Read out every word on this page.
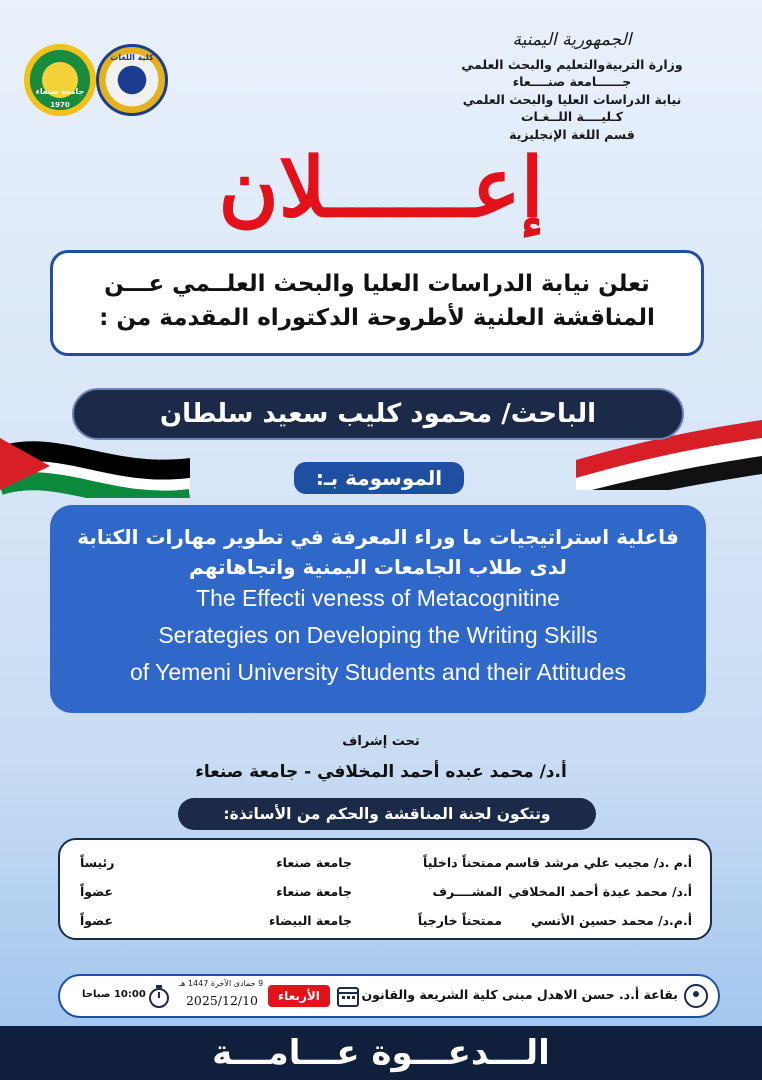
جامعة صنعاء
1970
كلية اللغات
الجمهورية اليمنية
وزارة التربيةوالتعليم والبحث العلمي
جــــــامعة صنــــعاء
نيابة الدراسات العليا والبحث العلمي
كـليــــة اللــغـات
قسم اللغة الإنجليزية
إعــــــلان
تعلن نيابة الدراسات العليا والبحث العلــمي عـــن
المناقشة العلنية لأطروحة الدكتوراه المقدمة من :
الباحث/ محمود كليب سعيد سلطان
الموسومة بـ:
فاعلية استراتيجيات ما وراء المعرفة في تطوير مهارات الكتابة
لدى طلاب الجامعات اليمنية واتجاهاتهم
The Effecti veness of Metacognitine
Serategies on Developing the Writing Skills
of Yemeni University Students and their Attitudes
تحت إشراف
أ.د/ محمد عبده أحمد المخلافي - جامعة صنعاء
وتتكون لجنة المناقشة والحكم من الأساتذة:
أ.م .د/ مجيب علي مرشد قاسم	ممتحناً داخلياً	جامعة صنعاء	رئيساً
أ.د/ محمد عبدة أحمد المخلافي	المشــــرف	جامعة صنعاء	عضواً
أ.م.د/ محمد حسين الأنسي	ممتحناً خارجياً	جامعة البيضاء	عضواً
بقاعة أ.د. حسن الاهدل مبنى كلية الشريعة والقانون
الأربعاء
9 جمادى الآخرة 1447 هـ
2025/12/10
10:00 صباحا
الـــدعـــوة عـــامـــة
